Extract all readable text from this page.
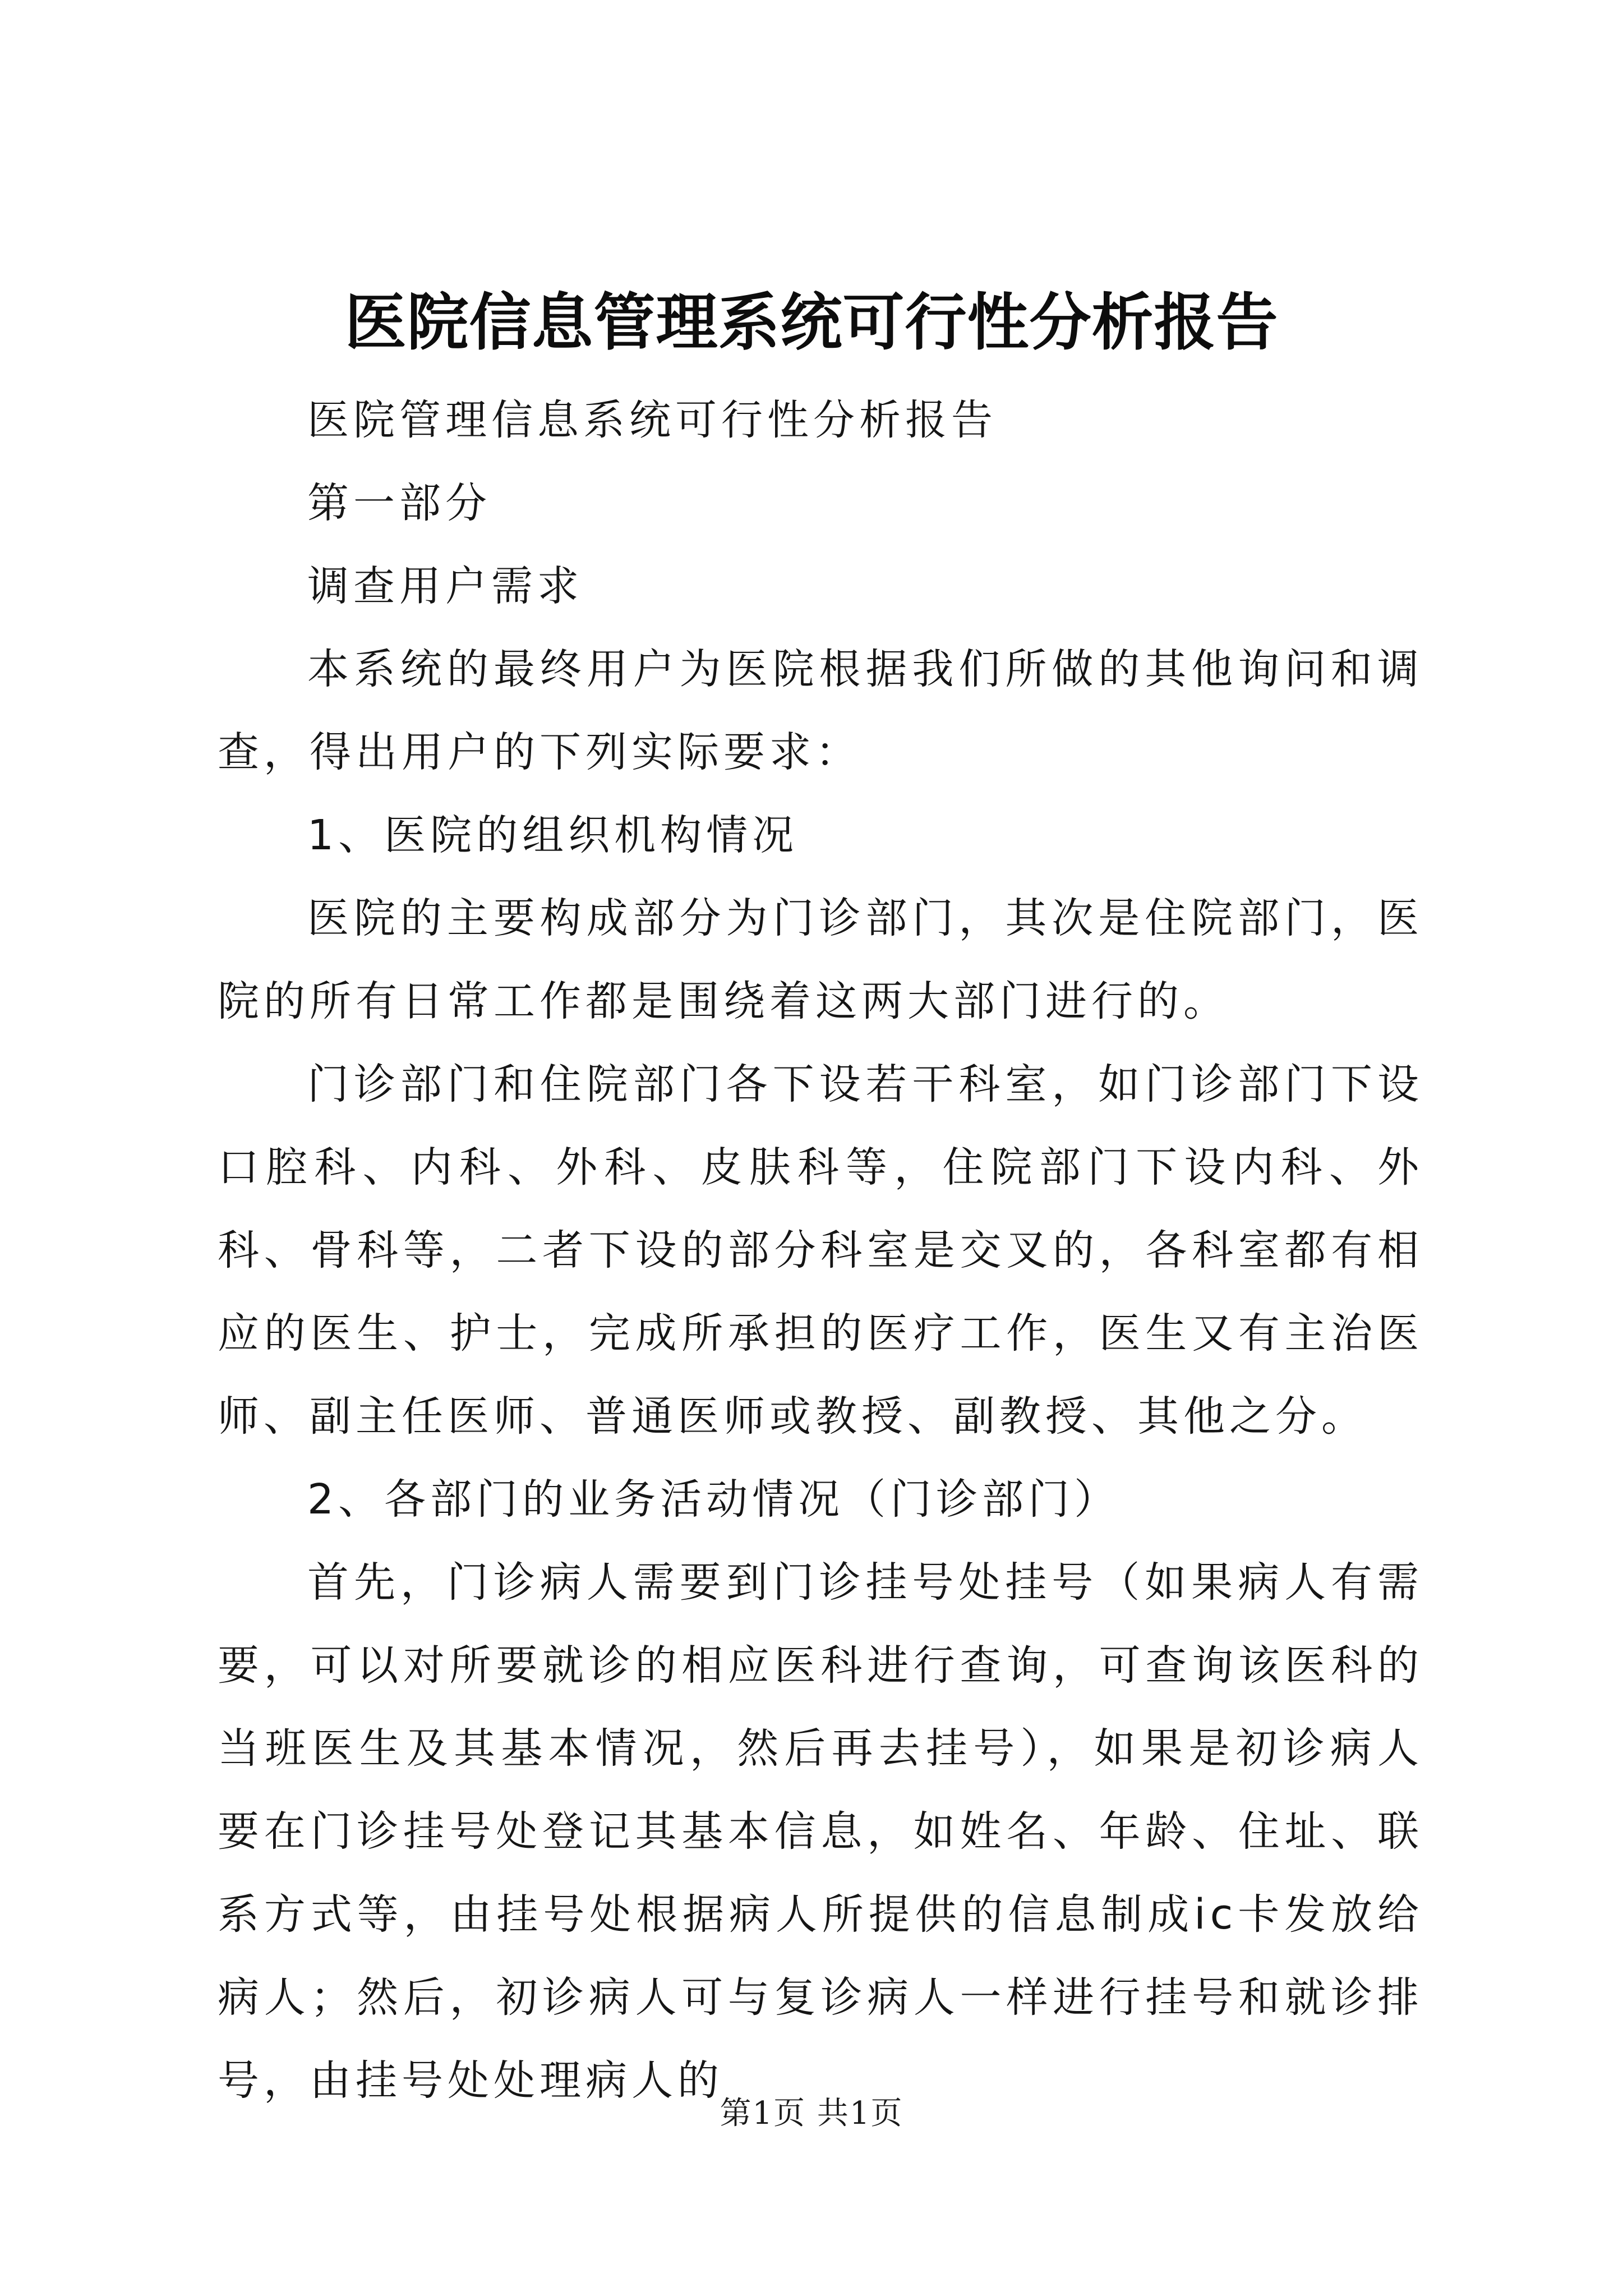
医院信息管理系统可行性分析报告

医院管理信息系统可行性分析报告

第一部分

调查用户需求

本系统的最终用户为医院根据我们所做的其他询问和调查，得出用户的下列实际要求：

1、医院的组织机构情况

医院的主要构成部分为门诊部门，其次是住院部门，医院的所有日常工作都是围绕着这两大部门进行的。

门诊部门和住院部门各下设若干科室，如门诊部门下设口腔科、内科、外科、皮肤科等，住院部门下设内科、外科、骨科等，二者下设的部分科室是交叉的，各科室都有相应的医生、护士，完成所承担的医疗工作，医生又有主治医师、副主任医师、普通医师或教授、副教授、其他之分。

2、各部门的业务活动情况（门诊部门）

首先，门诊病人需要到门诊挂号处挂号（如果病人有需要，可以对所要就诊的相应医科进行查询，可查询该医科的当班医生及其基本情况，然后再去挂号），如果是初诊病人要在门诊挂号处登记其基本信息，如姓名、年龄、住址、联系方式等，由挂号处根据病人所提供的信息制成ic卡发放给病人；然后，初诊病人可与复诊病人一样进行挂号和就诊排号，由挂号处处理病人的

第1页 共1页
